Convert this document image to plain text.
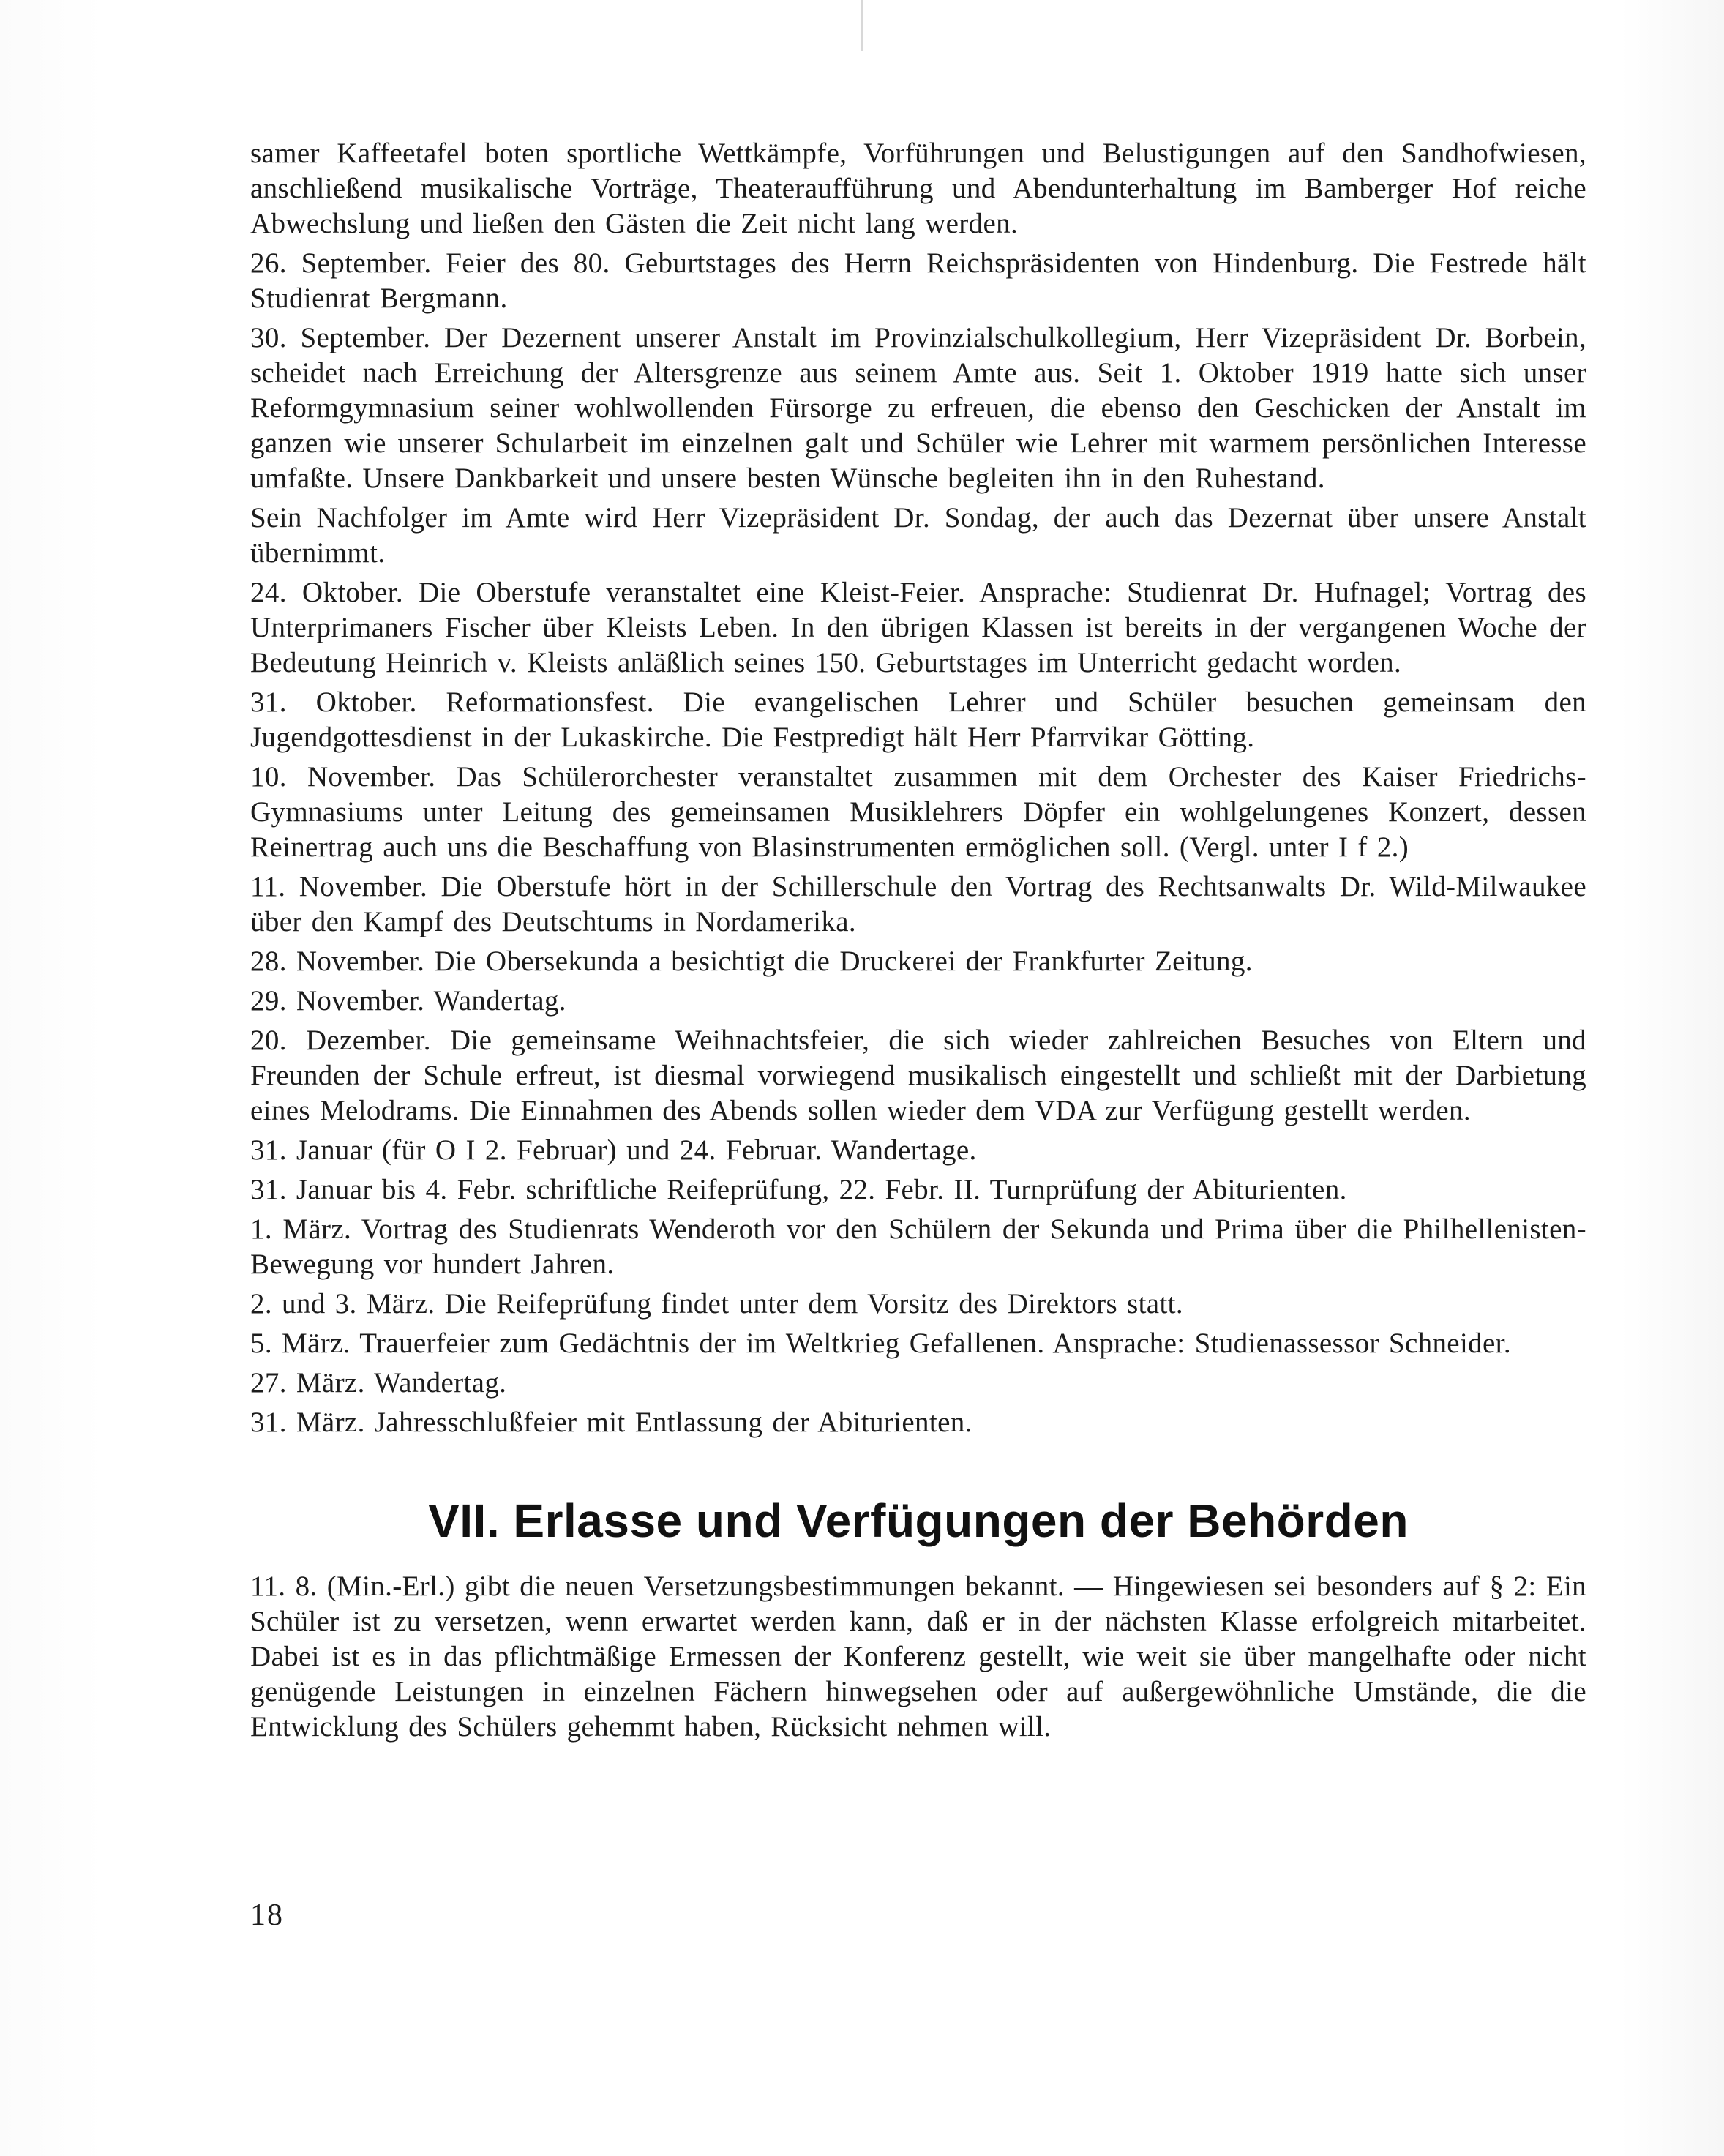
samer Kaffeetafel boten sportliche Wettkämpfe, Vorführungen und Belustigungen auf den Sandhofwiesen, anschließend musikalische Vorträge, Theateraufführung und Abendunterhaltung im Bamberger Hof reiche Abwechslung und ließen den Gästen die Zeit nicht lang werden.

26. September. Feier des 80. Geburtstages des Herrn Reichspräsidenten von Hindenburg. Die Festrede hält Studienrat Bergmann.

30. September. Der Dezernent unserer Anstalt im Provinzialschulkollegium, Herr Vizepräsident Dr. Borbein, scheidet nach Erreichung der Altersgrenze aus seinem Amte aus. Seit 1. Oktober 1919 hatte sich unser Reformgymnasium seiner wohlwollenden Fürsorge zu erfreuen, die ebenso den Geschicken der Anstalt im ganzen wie unserer Schularbeit im einzelnen galt und Schüler wie Lehrer mit warmem persönlichen Interesse umfaßte. Unsere Dankbarkeit und unsere besten Wünsche begleiten ihn in den Ruhestand.

Sein Nachfolger im Amte wird Herr Vizepräsident Dr. Sondag, der auch das Dezernat über unsere Anstalt übernimmt.

24. Oktober. Die Oberstufe veranstaltet eine Kleist-Feier. Ansprache: Studienrat Dr. Hufnagel; Vortrag des Unterprimaners Fischer über Kleists Leben. In den übrigen Klassen ist bereits in der vergangenen Woche der Bedeutung Heinrich v. Kleists anläßlich seines 150. Geburtstages im Unterricht gedacht worden.

31. Oktober. Reformationsfest. Die evangelischen Lehrer und Schüler besuchen gemeinsam den Jugendgottesdienst in der Lukaskirche. Die Festpredigt hält Herr Pfarrvikar Götting.

10. November. Das Schülerorchester veranstaltet zusammen mit dem Orchester des Kaiser Friedrichs-Gymnasiums unter Leitung des gemeinsamen Musiklehrers Döpfer ein wohlgelungenes Konzert, dessen Reinertrag auch uns die Beschaffung von Blasinstrumenten ermöglichen soll. (Vergl. unter I f 2.)

11. November. Die Oberstufe hört in der Schillerschule den Vortrag des Rechtsanwalts Dr. Wild-Milwaukee über den Kampf des Deutschtums in Nordamerika.

28. November. Die Obersekunda a besichtigt die Druckerei der Frankfurter Zeitung.

29. November. Wandertag.

20. Dezember. Die gemeinsame Weihnachtsfeier, die sich wieder zahlreichen Besuches von Eltern und Freunden der Schule erfreut, ist diesmal vorwiegend musikalisch eingestellt und schließt mit der Darbietung eines Melodrams. Die Einnahmen des Abends sollen wieder dem VDA zur Verfügung gestellt werden.

31. Januar (für O I 2. Februar) und 24. Februar. Wandertage.

31. Januar bis 4. Febr. schriftliche Reifeprüfung, 22. Febr. II. Turnprüfung der Abiturienten.

1. März. Vortrag des Studienrats Wenderoth vor den Schülern der Sekunda und Prima über die Philhellenisten-Bewegung vor hundert Jahren.

2. und 3. März. Die Reifeprüfung findet unter dem Vorsitz des Direktors statt.

5. März. Trauerfeier zum Gedächtnis der im Weltkrieg Gefallenen. Ansprache: Studienassessor Schneider.

27. März. Wandertag.

31. März. Jahresschlußfeier mit Entlassung der Abiturienten.

VII. Erlasse und Verfügungen der Behörden

11. 8. (Min.-Erl.) gibt die neuen Versetzungsbestimmungen bekannt. — Hingewiesen sei besonders auf § 2: Ein Schüler ist zu versetzen, wenn erwartet werden kann, daß er in der nächsten Klasse erfolgreich mitarbeitet. Dabei ist es in das pflichtmäßige Ermessen der Konferenz gestellt, wie weit sie über mangelhafte oder nicht genügende Leistungen in einzelnen Fächern hinwegsehen oder auf außergewöhnliche Umstände, die die Entwicklung des Schülers gehemmt haben, Rücksicht nehmen will.

18
